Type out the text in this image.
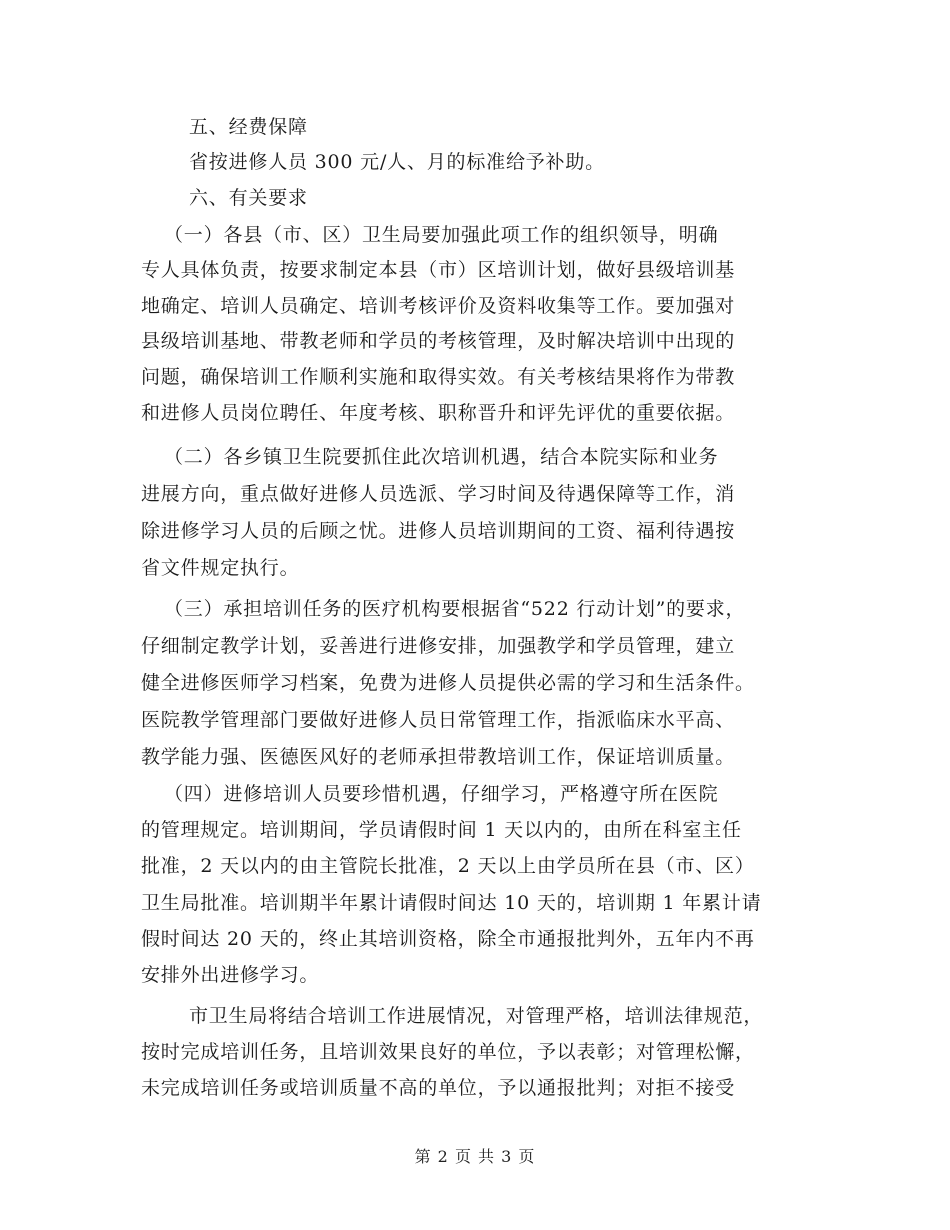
五、经费保障
省按进修人员 300 元/人、月的标准给予补助。
六、有关要求
（一）各县（市、区）卫生局要加强此项工作的组织领导，明确
专人具体负责，按要求制定本县（市）区培训计划，做好县级培训基
地确定、培训人员确定、培训考核评价及资料收集等工作。要加强对
县级培训基地、带教老师和学员的考核管理，及时解决培训中出现的
问题，确保培训工作顺利实施和取得实效。有关考核结果将作为带教
和进修人员岗位聘任、年度考核、职称晋升和评先评优的重要依据。
（二）各乡镇卫生院要抓住此次培训机遇，结合本院实际和业务
进展方向，重点做好进修人员选派、学习时间及待遇保障等工作，消
除进修学习人员的后顾之忧。进修人员培训期间的工资、福利待遇按
省文件规定执行。
（三）承担培训任务的医疗机构要根据省“522 行动计划”的要求，
仔细制定教学计划，妥善进行进修安排，加强教学和学员管理，建立
健全进修医师学习档案，免费为进修人员提供必需的学习和生活条件。
医院教学管理部门要做好进修人员日常管理工作，指派临床水平高、
教学能力强、医德医风好的老师承担带教培训工作，保证培训质量。
（四）进修培训人员要珍惜机遇，仔细学习，严格遵守所在医院
的管理规定。培训期间，学员请假时间 1 天以内的，由所在科室主任
批准，2 天以内的由主管院长批准，2 天以上由学员所在县（市、区）
卫生局批准。培训期半年累计请假时间达 10 天的，培训期 1 年累计请
假时间达 20 天的，终止其培训资格，除全市通报批判外，五年内不再
安排外出进修学习。
市卫生局将结合培训工作进展情况，对管理严格，培训法律规范，
按时完成培训任务，且培训效果良好的单位，予以表彰；对管理松懈，
未完成培训任务或培训质量不高的单位，予以通报批判；对拒不接受
第 2 页 共 3 页
